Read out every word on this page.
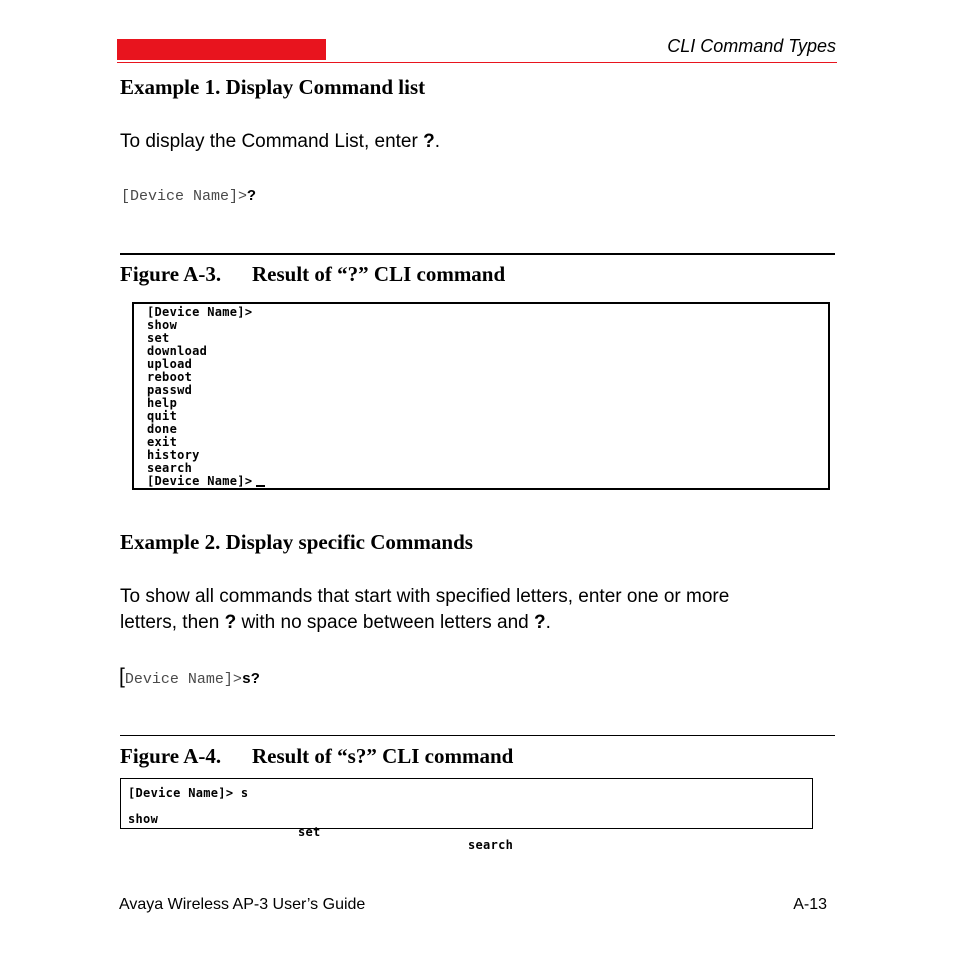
CLI Command Types
Example 1. Display Command list
To display the Command List, enter ?.
[Device Name]>?
Figure A-3. Result of “?” CLI command
[Device Name]>
show
set
download
upload
reboot
passwd
help
quit
done
exit
history
search
[Device Name]>
Example 2. Display specific Commands
To show all commands that start with specified letters, enter one or more
letters, then ? with no space between letters and ?.
[Device Name]>s?
Figure A-4. Result of “s?” CLI command
[Device Name]> s

show

set

search

Avaya Wireless AP-3 User’s Guide	A-13
